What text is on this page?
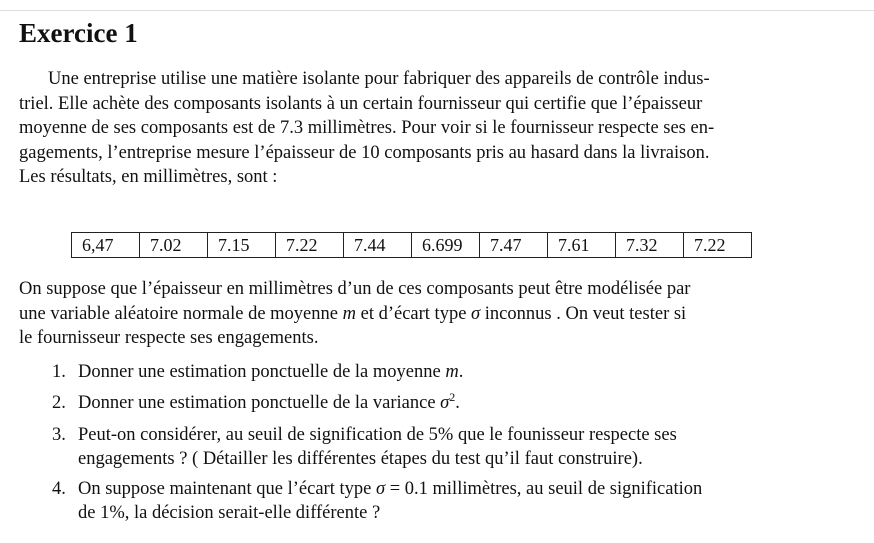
Exercice 1

Une entreprise utilise une matière isolante pour fabriquer des appareils de contrôle indus-
triel. Elle achète des composants isolants à un certain fournisseur qui certifie que l’épaisseur
moyenne de ses composants est de 7.3 millimètres. Pour voir si le fournisseur respecte ses en-
gagements, l’entreprise mesure l’épaisseur de 10 composants pris au hasard dans la livraison.
Les résultats, en millimètres, sont :

6,47	7.02	7.15	7.22	7.44	6.699	7.47	7.61	7.32	7.22

On suppose que l’épaisseur en millimètres d’un de ces composants peut être modélisée par
une variable aléatoire normale de moyenne m et d’écart type σ inconnus . On veut tester si
le fournisseur respecte ses engagements.

1. Donner une estimation ponctuelle de la moyenne m.
2. Donner une estimation ponctuelle de la variance $\sigma^2$.
3. Peut-on considérer, au seuil de signification de 5% que le founisseur respecte ses
engagements ? ( Détailler les différentes étapes du test qu’il faut construire).
4. On suppose maintenant que l’écart type σ = 0.1 millimètres, au seuil de signification
de 1%, la décision serait-elle différente ?
